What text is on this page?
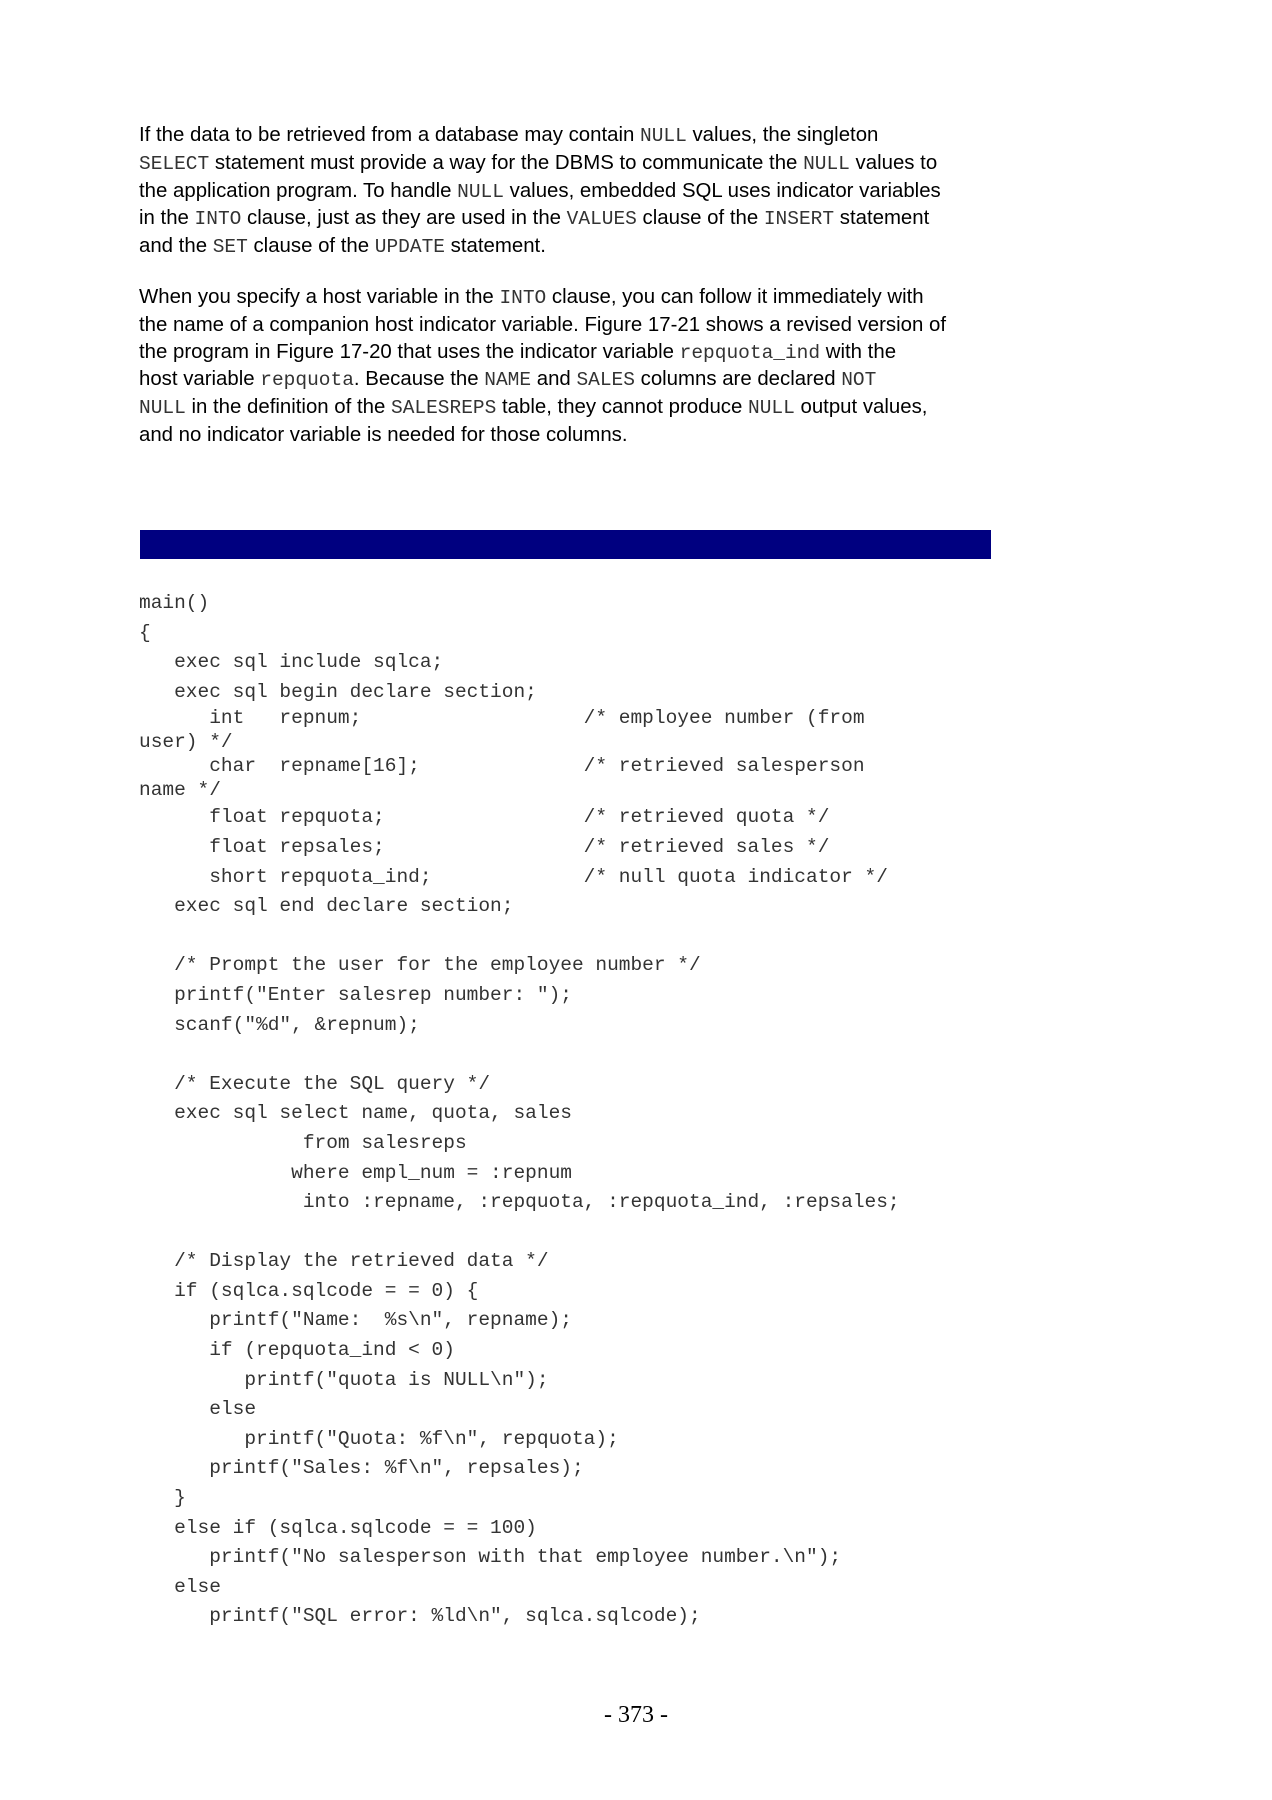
If the data to be retrieved from a database may contain NULL values, the singleton
SELECT statement must provide a way for the DBMS to communicate the NULL values to
the application program. To handle NULL values, embedded SQL uses indicator variables
in the INTO clause, just as they are used in the VALUES clause of the INSERT statement
and the SET clause of the UPDATE statement.
When you specify a host variable in the INTO clause, you can follow it immediately with
the name of a companion host indicator variable. Figure 17-21 shows a revised version of
the program in Figure 17-20 that uses the indicator variable repquota_ind with the
host variable repquota. Because the NAME and SALES columns are declared NOT
NULL in the definition of the SALESREPS table, they cannot produce NULL output values,
and no indicator variable is needed for those columns.
main()
{
exec sql include sqlca;
exec sql begin declare section;
int   repnum;                   /* employee number (from
user) */
char  repname[16];              /* retrieved salesperson
name */
float repquota;                 /* retrieved quota */
float repsales;                 /* retrieved sales */
short repquota_ind;             /* null quota indicator */
exec sql end declare section;
/* Prompt the user for the employee number */
printf("Enter salesrep number: ");
scanf("%d", &repnum);
/* Execute the SQL query */
exec sql select name, quota, sales
from salesreps
where empl_num = :repnum
into :repname, :repquota, :repquota_ind, :repsales;
/* Display the retrieved data */
if (sqlca.sqlcode = = 0) {
printf("Name:  %s\n", repname);
if (repquota_ind < 0)
printf("quota is NULL\n");
else
printf("Quota: %f\n", repquota);
printf("Sales: %f\n", repsales);
}
else if (sqlca.sqlcode = = 100)
printf("No salesperson with that employee number.\n");
else
printf("SQL error: %ld\n", sqlca.sqlcode);
- 373 -
